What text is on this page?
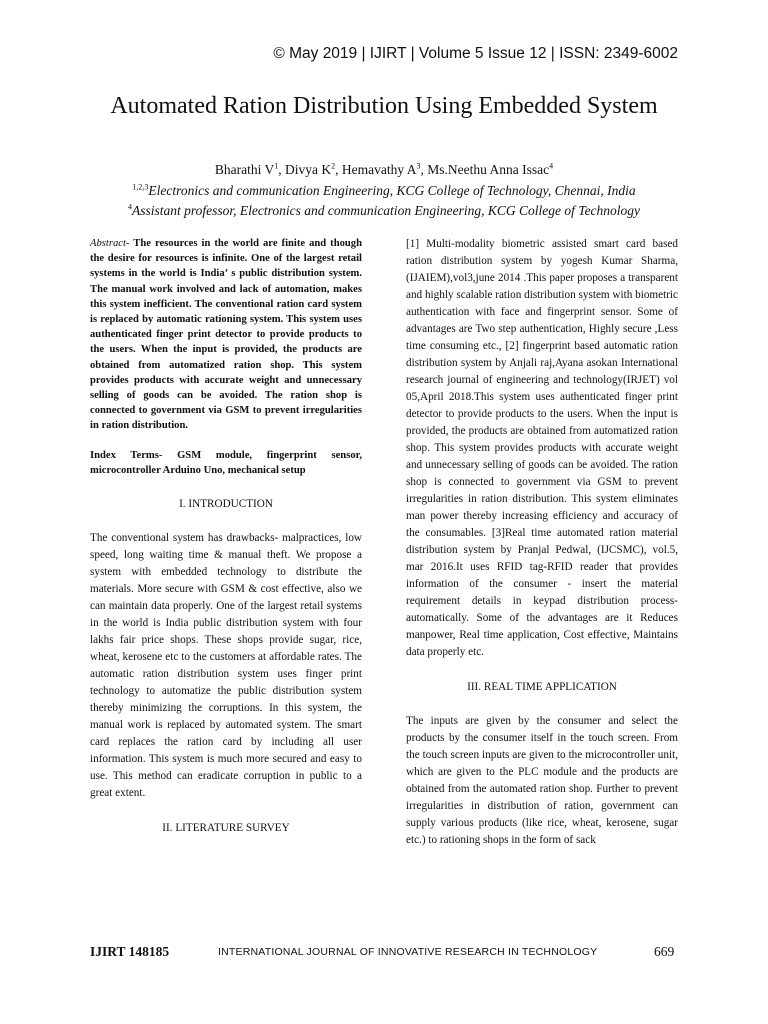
© May 2019 | IJIRT | Volume 5 Issue 12 | ISSN: 2349-6002
Automated Ration Distribution Using Embedded System
Bharathi $V^1$, Divya $K^2$, Hemavathy $A^3$, Ms.Neethu Anna Issac$^4$
$^{1,2,3}$Electronics and communication Engineering, KCG College of Technology, Chennai, India
$^4$Assistant professor, Electronics and communication Engineering, KCG College of Technology

Abstract- The resources in the world are finite and though the desire for resources is infinite. One of the largest retail systems in the world is India’ s public distribution system. The manual work involved and lack of automation, makes this system inefficient. The conventional ration card system is replaced by automatic rationing system. This system uses authenticated finger print detector to provide products to the users. When the input is provided, the products are obtained from automatized ration shop. This system provides products with accurate weight and unnecessary selling of goods can be avoided. The ration shop is connected to government via GSM to prevent irregularities in ration distribution.

Index Terms- GSM module, fingerprint sensor, microcontroller Arduino Uno, mechanical setup

I. INTRODUCTION

The conventional system has drawbacks- malpractices, low speed, long waiting time & manual theft. We propose a system with embedded technology to distribute the materials. More secure with GSM & cost effective, also we can maintain data properly. One of the largest retail systems in the world is India public distribution system with four lakhs fair price shops. These shops provide sugar, rice, wheat, kerosene etc to the customers at affordable rates. The automatic ration distribution system uses finger print technology to automatize the public distribution system thereby minimizing the corruptions. In this system, the manual work is replaced by automated system. The smart card replaces the ration card by including all user information. This system is much more secured and easy to use. This method can eradicate corruption in public to a great extent.

II. LITERATURE SURVEY

[1] Multi-modality biometric assisted smart card based ration distribution system by yogesh Kumar Sharma,(IJAIEM),vol3,june 2014 .This paper proposes a transparent and highly scalable ration distribution system with biometric authentication with face and fingerprint sensor. Some of advantages are Two step authentication, Highly secure ,Less time consuming etc., [2] fingerprint based automatic ration distribution system by Anjali raj,Ayana asokan International research journal of engineering and technology(IRJET) vol 05,April 2018.This system uses authenticated finger print detector to provide products to the users. When the input is provided, the products are obtained from automatized ration shop. This system provides products with accurate weight and unnecessary selling of goods can be avoided. The ration shop is connected to government via GSM to prevent irregularities in ration distribution. This system eliminates man power thereby increasing efficiency and accuracy of the consumables. [3]Real time automated ration material distribution system by Pranjal Pedwal, (IJCSMC), vol.5, mar 2016.It uses RFID tag-RFID reader that provides information of the consumer - insert the material requirement details in keypad distribution process-automatically. Some of the advantages are it Reduces manpower, Real time application, Cost effective, Maintains data properly etc.

III. REAL TIME APPLICATION

The inputs are given by the consumer and select the products by the consumer itself in the touch screen. From the touch screen inputs are given to the microcontroller unit, which are given to the PLC module and the products are obtained from the automated ration shop. Further to prevent irregularities in distribution of ration, government can supply various products (like rice, wheat, kerosene, sugar etc.) to rationing shops in the form of sack

IJIRT 148185	INTERNATIONAL JOURNAL OF INNOVATIVE RESEARCH IN TECHNOLOGY	669
